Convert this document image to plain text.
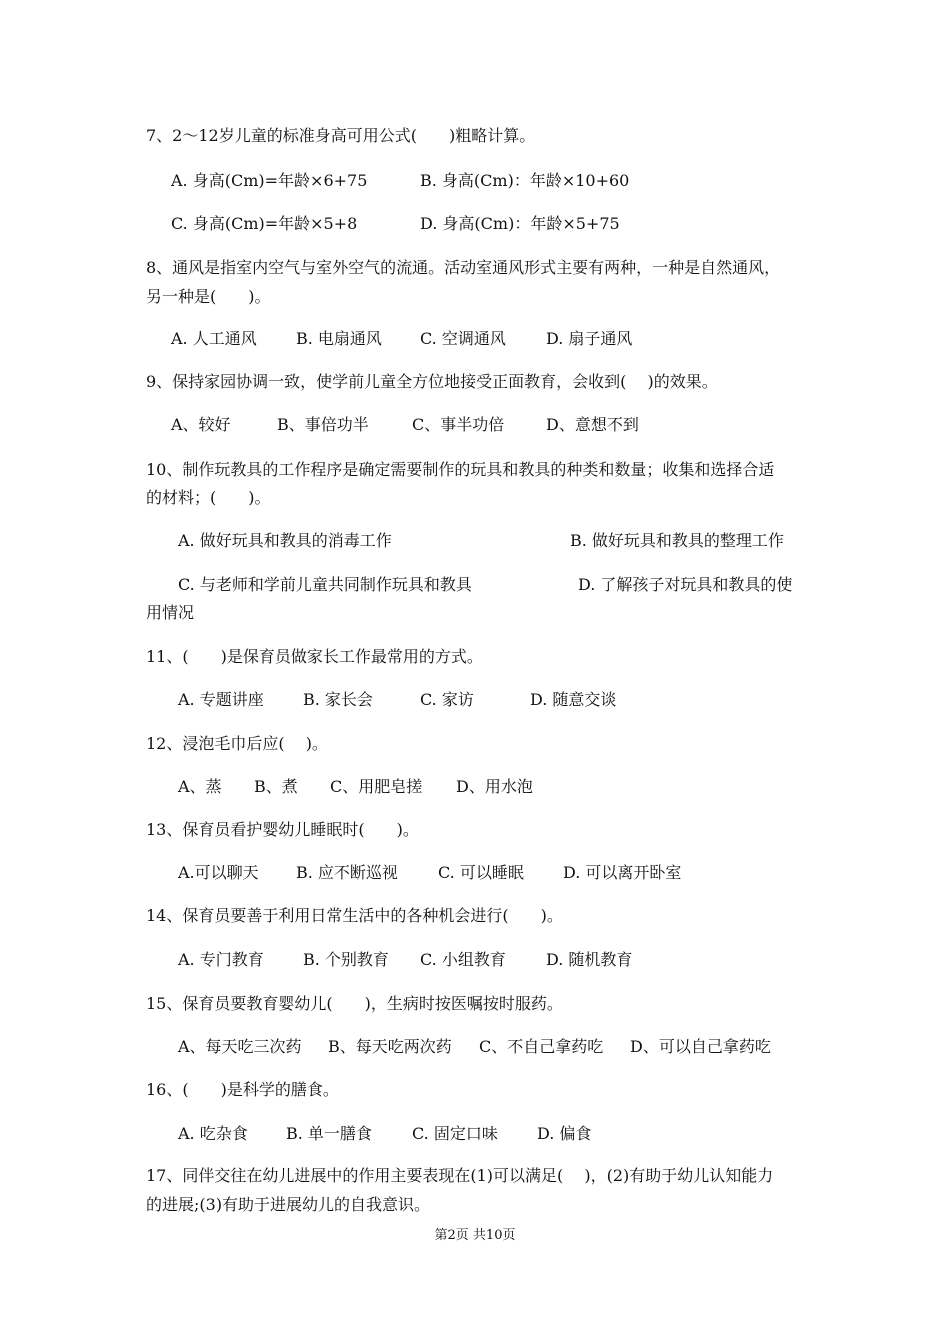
7、2～12岁儿童的标准身高可用公式(　　)粗略计算。

A. 身高(Cm)=年龄×6+75	B. 身高(Cm)：年龄×10+60

C. 身高(Cm)=年龄×5+8	D. 身高(Cm)：年龄×5+75

8、通风是指室内空气与室外空气的流通。活动室通风形式主要有两种，一种是自然通风，

另一种是(　　)。

A. 人工通风 B. 电扇通风 C. 空调通风	D. 扇子通风

9、保持家园协调一致，使学前儿童全方位地接受正面教育，会收到(　 )的效果。

A、较好	B、事倍功半	C、事半功倍	D、意想不到

10、制作玩教具的工作程序是确定需要制作的玩具和教具的种类和数量；收集和选择合适

的材料；(　　)。

A. 做好玩具和教具的消毒工作	B. 做好玩具和教具的整理工作

C. 与老师和学前儿童共同制作玩具和教具	D. 了解孩子对玩具和教具的使

用情况

11、(　　)是保育员做家长工作最常用的方式。

A. 专题讲座 B. 家长会	C. 家访	D. 随意交谈

12、浸泡毛巾后应(　 )。

A、蒸 B、煮 C、用肥皂搓 D、用水泡

13、保育员看护婴幼儿睡眠时(　　)。

A.可以聊天 B. 应不断巡视	C. 可以睡眠 D. 可以离开卧室

14、保育员要善于利用日常生活中的各种机会进行(　　)。

A. 专门教育 B. 个别教育 C. 小组教育	D. 随机教育

15、保育员要教育婴幼儿(　　)，生病时按医嘱按时服药。

A、每天吃三次药 B、每天吃两次药 C、不自己拿药吃 D、可以自己拿药吃

16、(　　)是科学的膳食。

A. 吃杂食 B. 单一膳食	C. 固定口味 D. 偏食

17、同伴交往在幼儿进展中的作用主要表现在(1)可以满足(　 )，(2)有助于幼儿认知能力

的进展;(3)有助于进展幼儿的自我意识。

第2页 共10页
